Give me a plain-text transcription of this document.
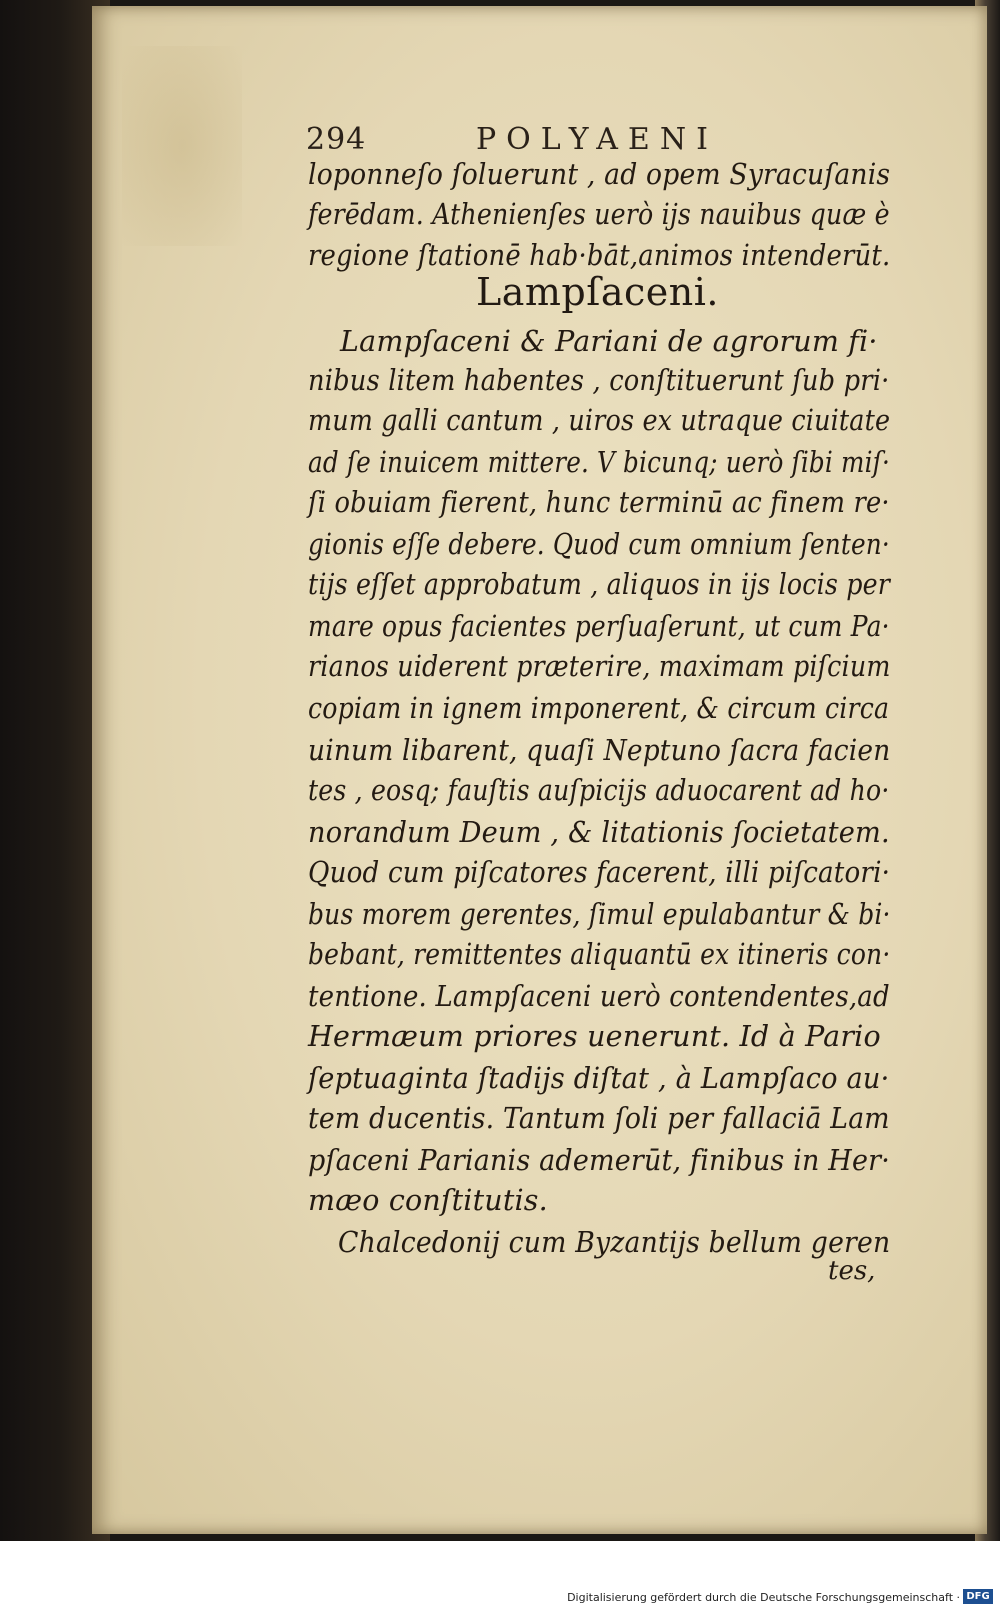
294	POLYAENI
loponneſo ſoluerunt , ad opem Syracuſanis
ferēdam. Athenienſes uerò ijs nauibus quæ è
regione ſtationē hab·bāt,animos intenderūt.
Lampſaceni.
Lampſaceni & Pariani de agrorum fi·
nibus litem habentes , conſtituerunt ſub pri·
mum galli cantum , uiros ex utraque ciuitate
ad ſe inuicem mittere. V bicunq; uerò ſibi miſ·
ſi obuiam fierent, hunc terminū ac finem re·
gionis eſſe debere. Quod cum omnium ſenten·
tijs eſſet approbatum , aliquos in ijs locis per
mare opus facientes perſuaſerunt, ut cum Pa·
rianos uiderent præterire, maximam piſcium
copiam in ignem imponerent, & circum circa
uinum libarent, quaſi Neptuno ſacra facien
tes , eosq; fauſtis auſpicijs aduocarent ad ho·
norandum Deum , & litationis ſocietatem.
Quod cum piſcatores facerent, illi piſcatori·
bus morem gerentes, ſimul epulabantur & bi·
bebant, remittentes aliquantū ex itineris con·
tentione. Lampſaceni uerò contendentes,ad
Hermæum priores uenerunt. Id à Pario
ſeptuaginta ſtadijs diſtat , à Lampſaco au·
tem ducentis. Tantum ſoli per fallaciā Lam
pſaceni Parianis ademerūt, finibus in Her·
mæo conſtitutis.
Chalcedonij cum Byzantijs bellum geren
tes,
Digitalisierung gefördert durch die Deutsche Forschungsgemeinschaft · DFG
